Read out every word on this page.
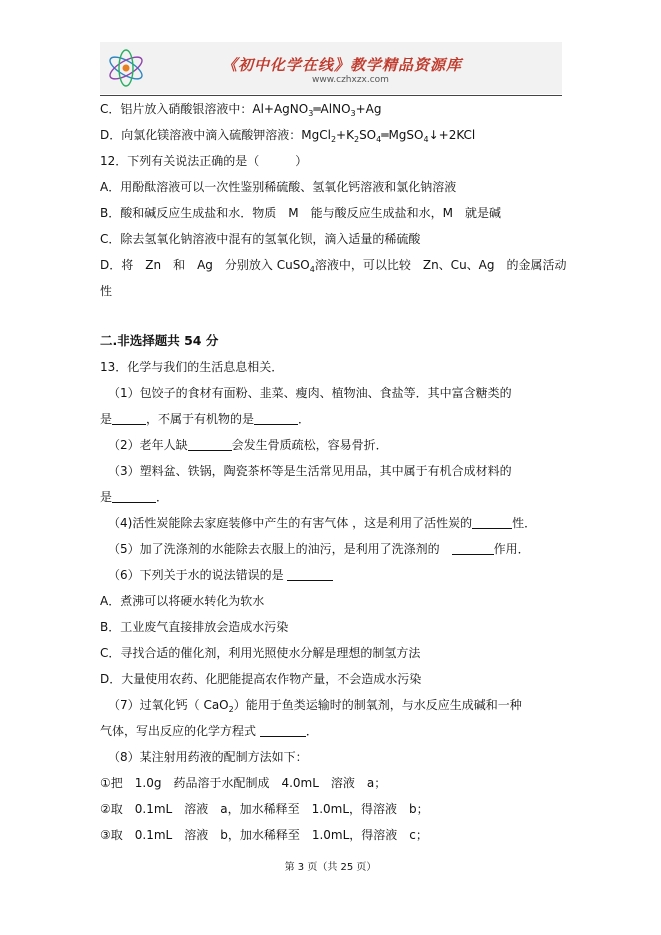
《初中化学在线》教学精品资源库
www.czhxzx.com
C．铝片放入硝酸银溶液中：Al+AgNO$_3$═AlNO$_3$+Ag
D．向氯化镁溶液中滴入硫酸钾溶液：$MgCl_2+K_2SO_4═MgSO_4↓+2KCl$
12．下列有关说法正确的是（　　　）
A．用酚酞溶液可以一次性鉴别稀硫酸、氢氧化钙溶液和氯化钠溶液
B．酸和碱反应生成盐和水．物质　M　能与酸反应生成盐和水，M　就是碱
C．除去氢氧化钠溶液中混有的氢氧化钡，滴入适量的稀硫酸
D．将　Zn　和　Ag　分别放入 CuSO$_4$溶液中，可以比较　Zn、Cu、Ag　的金属活动
性
二.非选择题共 54 分
13．化学与我们的生活息息相关．
（1）包饺子的食材有面粉、韭菜、瘦肉、植物油、食盐等．其中富含糖类的
是	，不属于有机物的是	．
（2）老年人缺	会发生骨质疏松，容易骨折．
（3）塑料盆、铁锅，陶瓷茶杯等是生活常见用品，其中属于有机合成材料的
是	．
（4)活性炭能除去家庭装修中产生的有害气体 ，这是利用了活性炭的	性．
（5）加了洗涤剂的水能除去衣服上的油污，是利用了洗涤剂的　	作用．
（6）下列关于水的说法错误的是
A．煮沸可以将硬水转化为软水
B．工业废气直接排放会造成水污染
C．寻找合适的催化剂，利用光照使水分解是理想的制氢方法
D．大量使用农药、化肥能提高农作物产量，不会造成水污染
（7）过氧化钙（ CaO$_2$）能用于鱼类运输时的制氧剂，与水反应生成碱和一种
气体，写出反应的化学方程式	．
（8）某注射用药液的配制方法如下：
①把　1.0g　药品溶于水配制成　4.0mL　溶液　a；
②取　0.1mL　溶液　a，加水稀释至　1.0mL，得溶液　b；
③取　0.1mL　溶液　b，加水稀释至　1.0mL，得溶液　c；
第 3 页（共 25 页）
